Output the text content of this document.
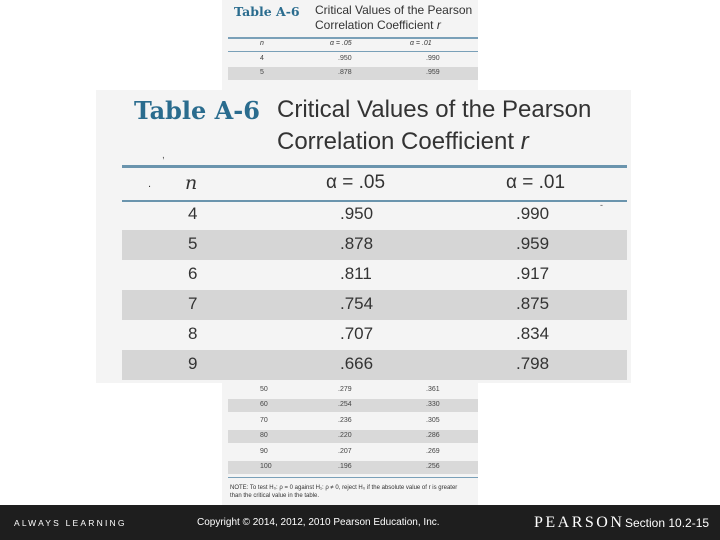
Table A-6 Critical Values of the Pearson
Correlation Coefficient r
n	α = .05	α = .01
4	.950	.990
5	.878	.959
50	.279	.361
60	.254	.330
70	.236	.305
80	.220	.286
90	.207	.269
100	.196	.256
NOTE: To test H₀: ρ = 0 against H₁: ρ ≠ 0, reject H₀ if the absolute value of r is greater than the critical value in the table.
Table A-6 Critical Values of the Pearson
Correlation Coefficient r
,
. n	α = .05	α = .01
4	.950	.990	-
5	.878	.959
6	.811	.917
7	.754	.875
8	.707	.834
9	.666	.798
ALWAYS LEARNING	Copyright © 2014, 2012, 2010 Pearson Education, Inc.	PEARSON Section 10.2-15
